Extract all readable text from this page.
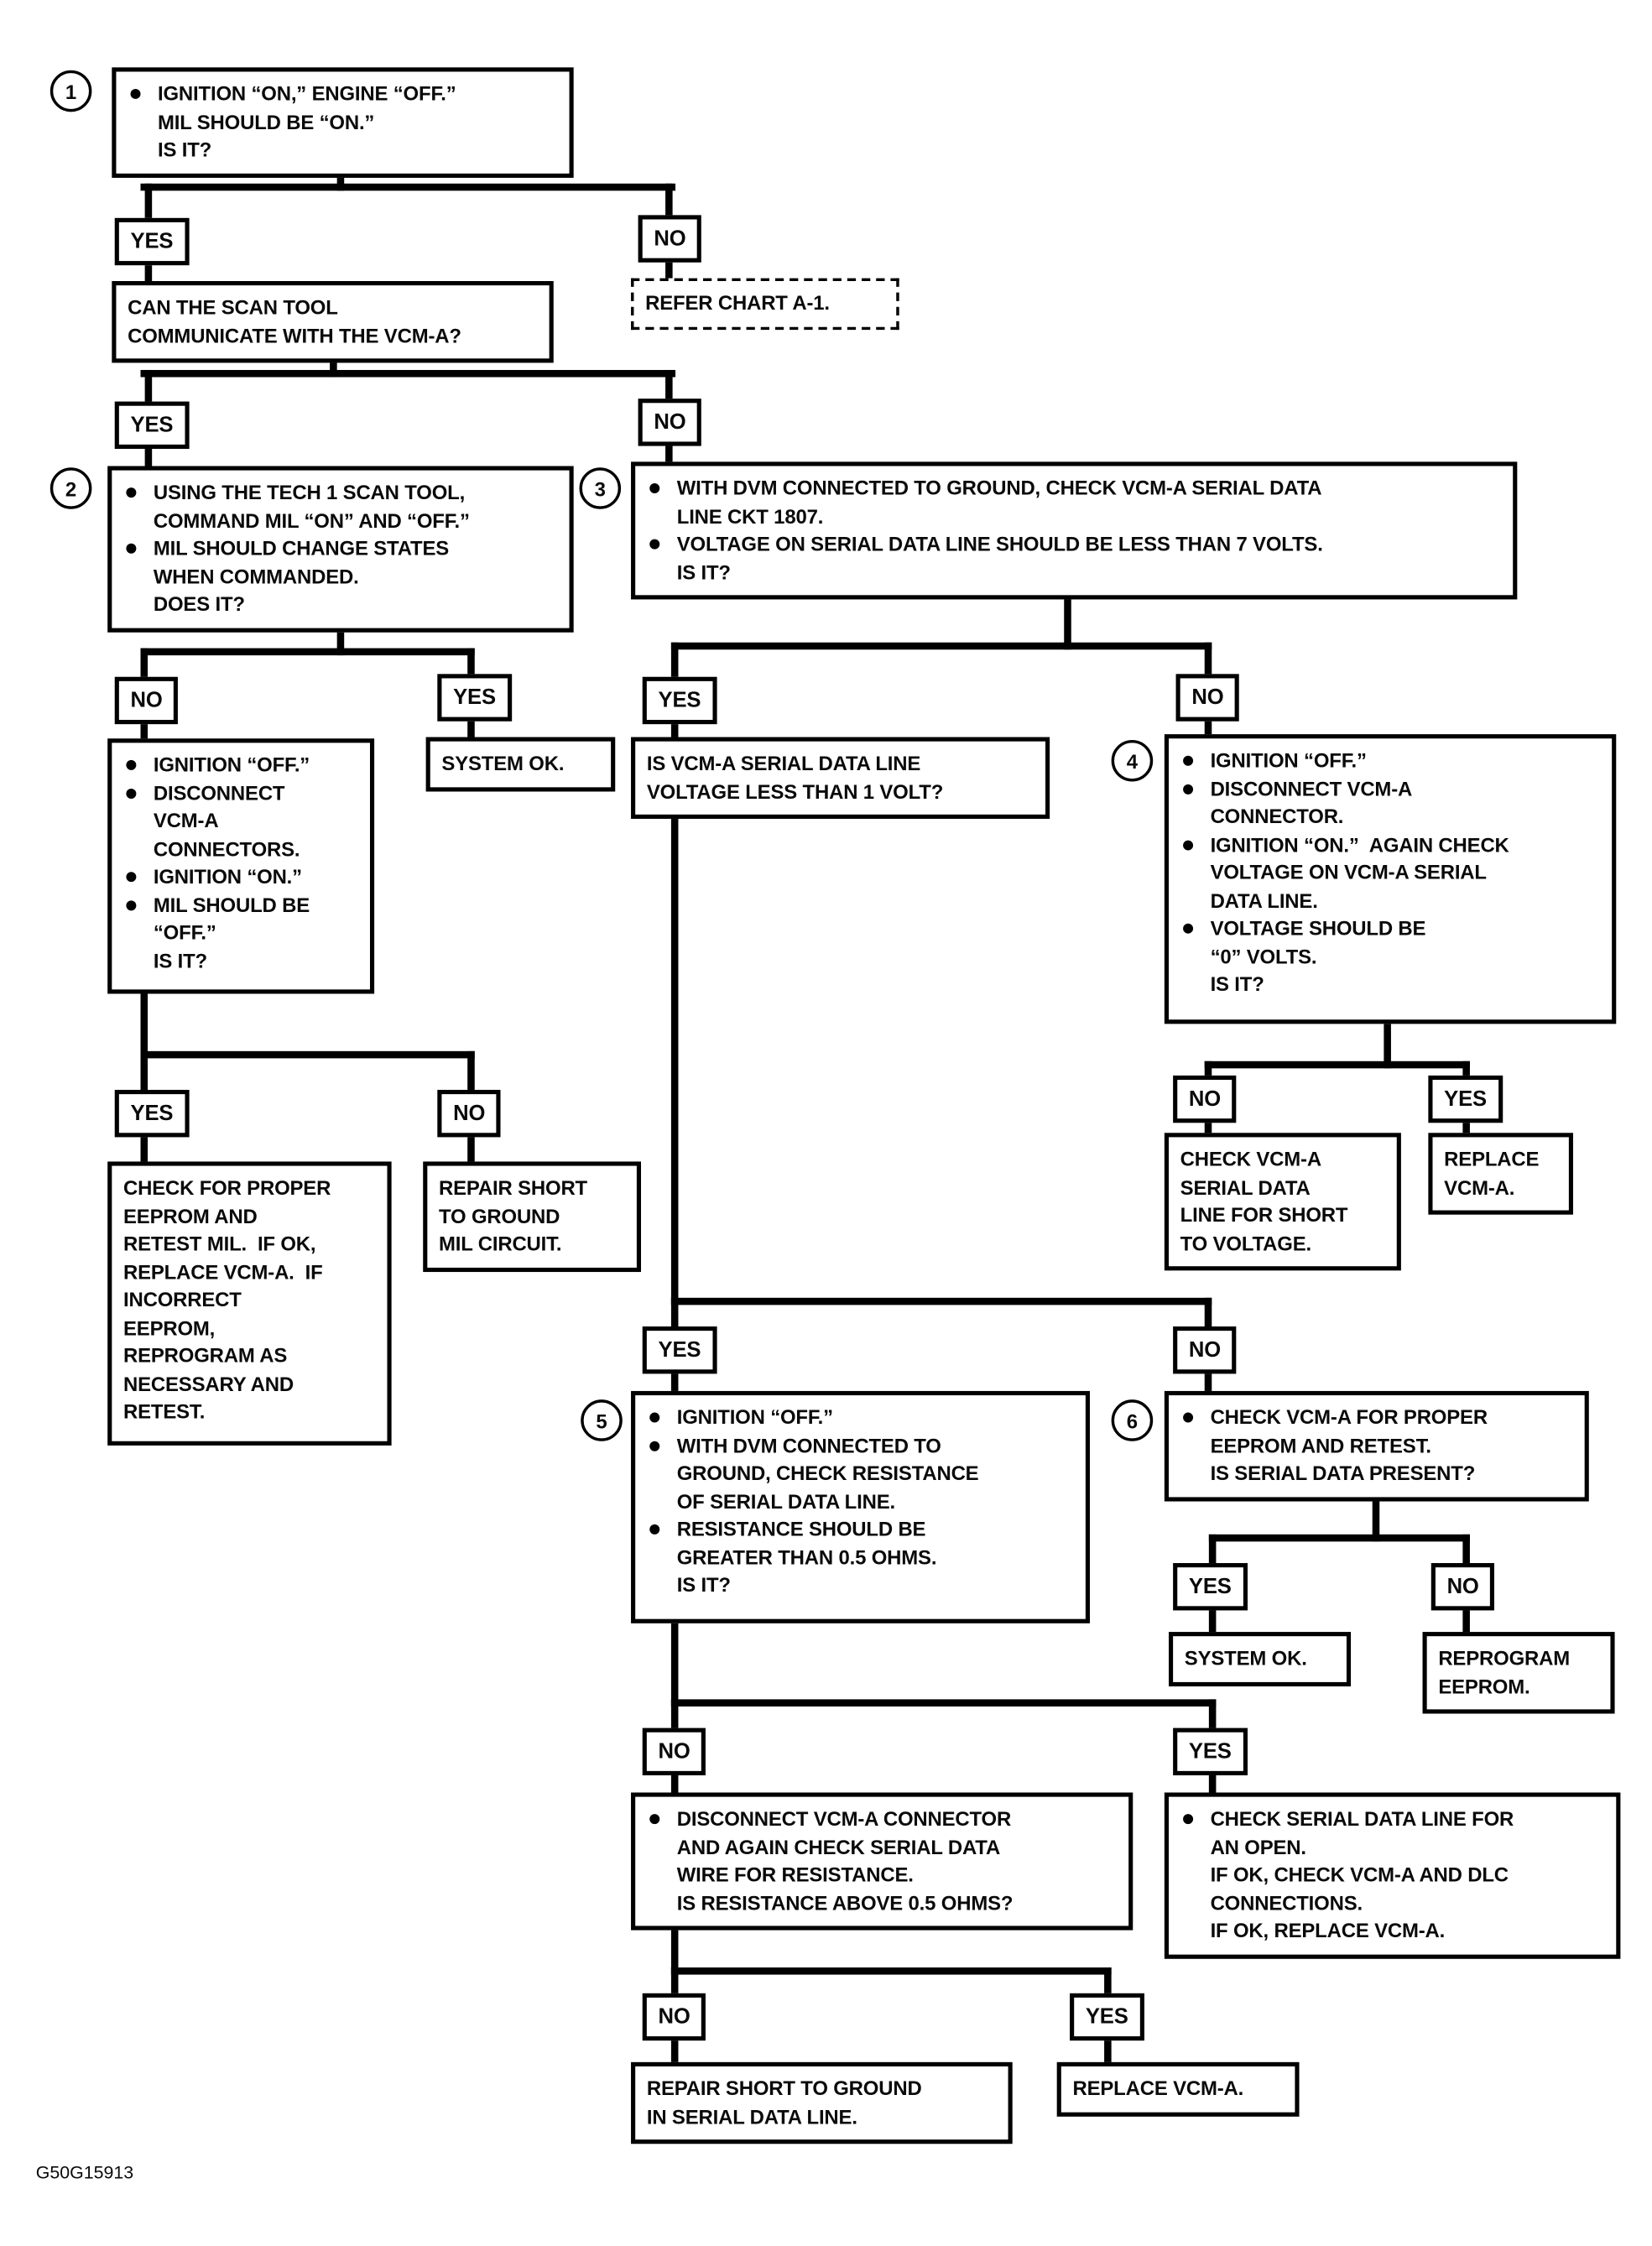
1
2	3
4
5	6
IGNITION “ON,” ENGINE “OFF.”
MIL SHOULD BE “ON.”
IS IT?
YES	NO
REFER CHART A-1.
CAN THE SCAN TOOL
COMMUNICATE WITH THE VCM-A?
YES	NO
USING THE TECH 1 SCAN TOOL,
COMMAND MIL “ON” AND “OFF.”
MIL SHOULD CHANGE STATES
WHEN COMMANDED.
DOES IT?
WITH DVM CONNECTED TO GROUND, CHECK VCM-A SERIAL DATA
LINE CKT 1807.
VOLTAGE ON SERIAL DATA LINE SHOULD BE LESS THAN 7 VOLTS.
IS IT?
NO	YES
SYSTEM OK.
IGNITION “OFF.”
DISCONNECT
VCM-A
CONNECTORS.
IGNITION “ON.”
MIL SHOULD BE
“OFF.”
IS IT?
YES	NO
CHECK FOR PROPER
EEPROM AND
RETEST MIL.  IF OK,
REPLACE VCM-A.  IF
INCORRECT
EEPROM,
REPROGRAM AS
NECESSARY AND
RETEST.
REPAIR SHORT
TO GROUND
MIL CIRCUIT.
YES	NO
IS VCM-A SERIAL DATA LINE
VOLTAGE LESS THAN 1 VOLT?
IGNITION “OFF.”
DISCONNECT VCM-A
CONNECTOR.
IGNITION “ON.”  AGAIN CHECK
VOLTAGE ON VCM-A SERIAL
DATA LINE.
VOLTAGE SHOULD BE
“0” VOLTS.
IS IT?
NO	YES
CHECK VCM-A
SERIAL DATA
LINE FOR SHORT
TO VOLTAGE.
REPLACE
VCM-A.
YES	NO
IGNITION “OFF.”
WITH DVM CONNECTED TO
GROUND, CHECK RESISTANCE
OF SERIAL DATA LINE.
RESISTANCE SHOULD BE
GREATER THAN 0.5 OHMS.
IS IT?
CHECK VCM-A FOR PROPER
EEPROM AND RETEST.
IS SERIAL DATA PRESENT?
YES	NO
SYSTEM OK.	REPROGRAM
EEPROM.
NO	YES
DISCONNECT VCM-A CONNECTOR
AND AGAIN CHECK SERIAL DATA
WIRE FOR RESISTANCE.
IS RESISTANCE ABOVE 0.5 OHMS?
CHECK SERIAL DATA LINE FOR
AN OPEN.
IF OK, CHECK VCM-A AND DLC
CONNECTIONS.
IF OK, REPLACE VCM-A.
NO	YES
REPAIR SHORT TO GROUND
IN SERIAL DATA LINE.
REPLACE VCM-A.
G50G15913
